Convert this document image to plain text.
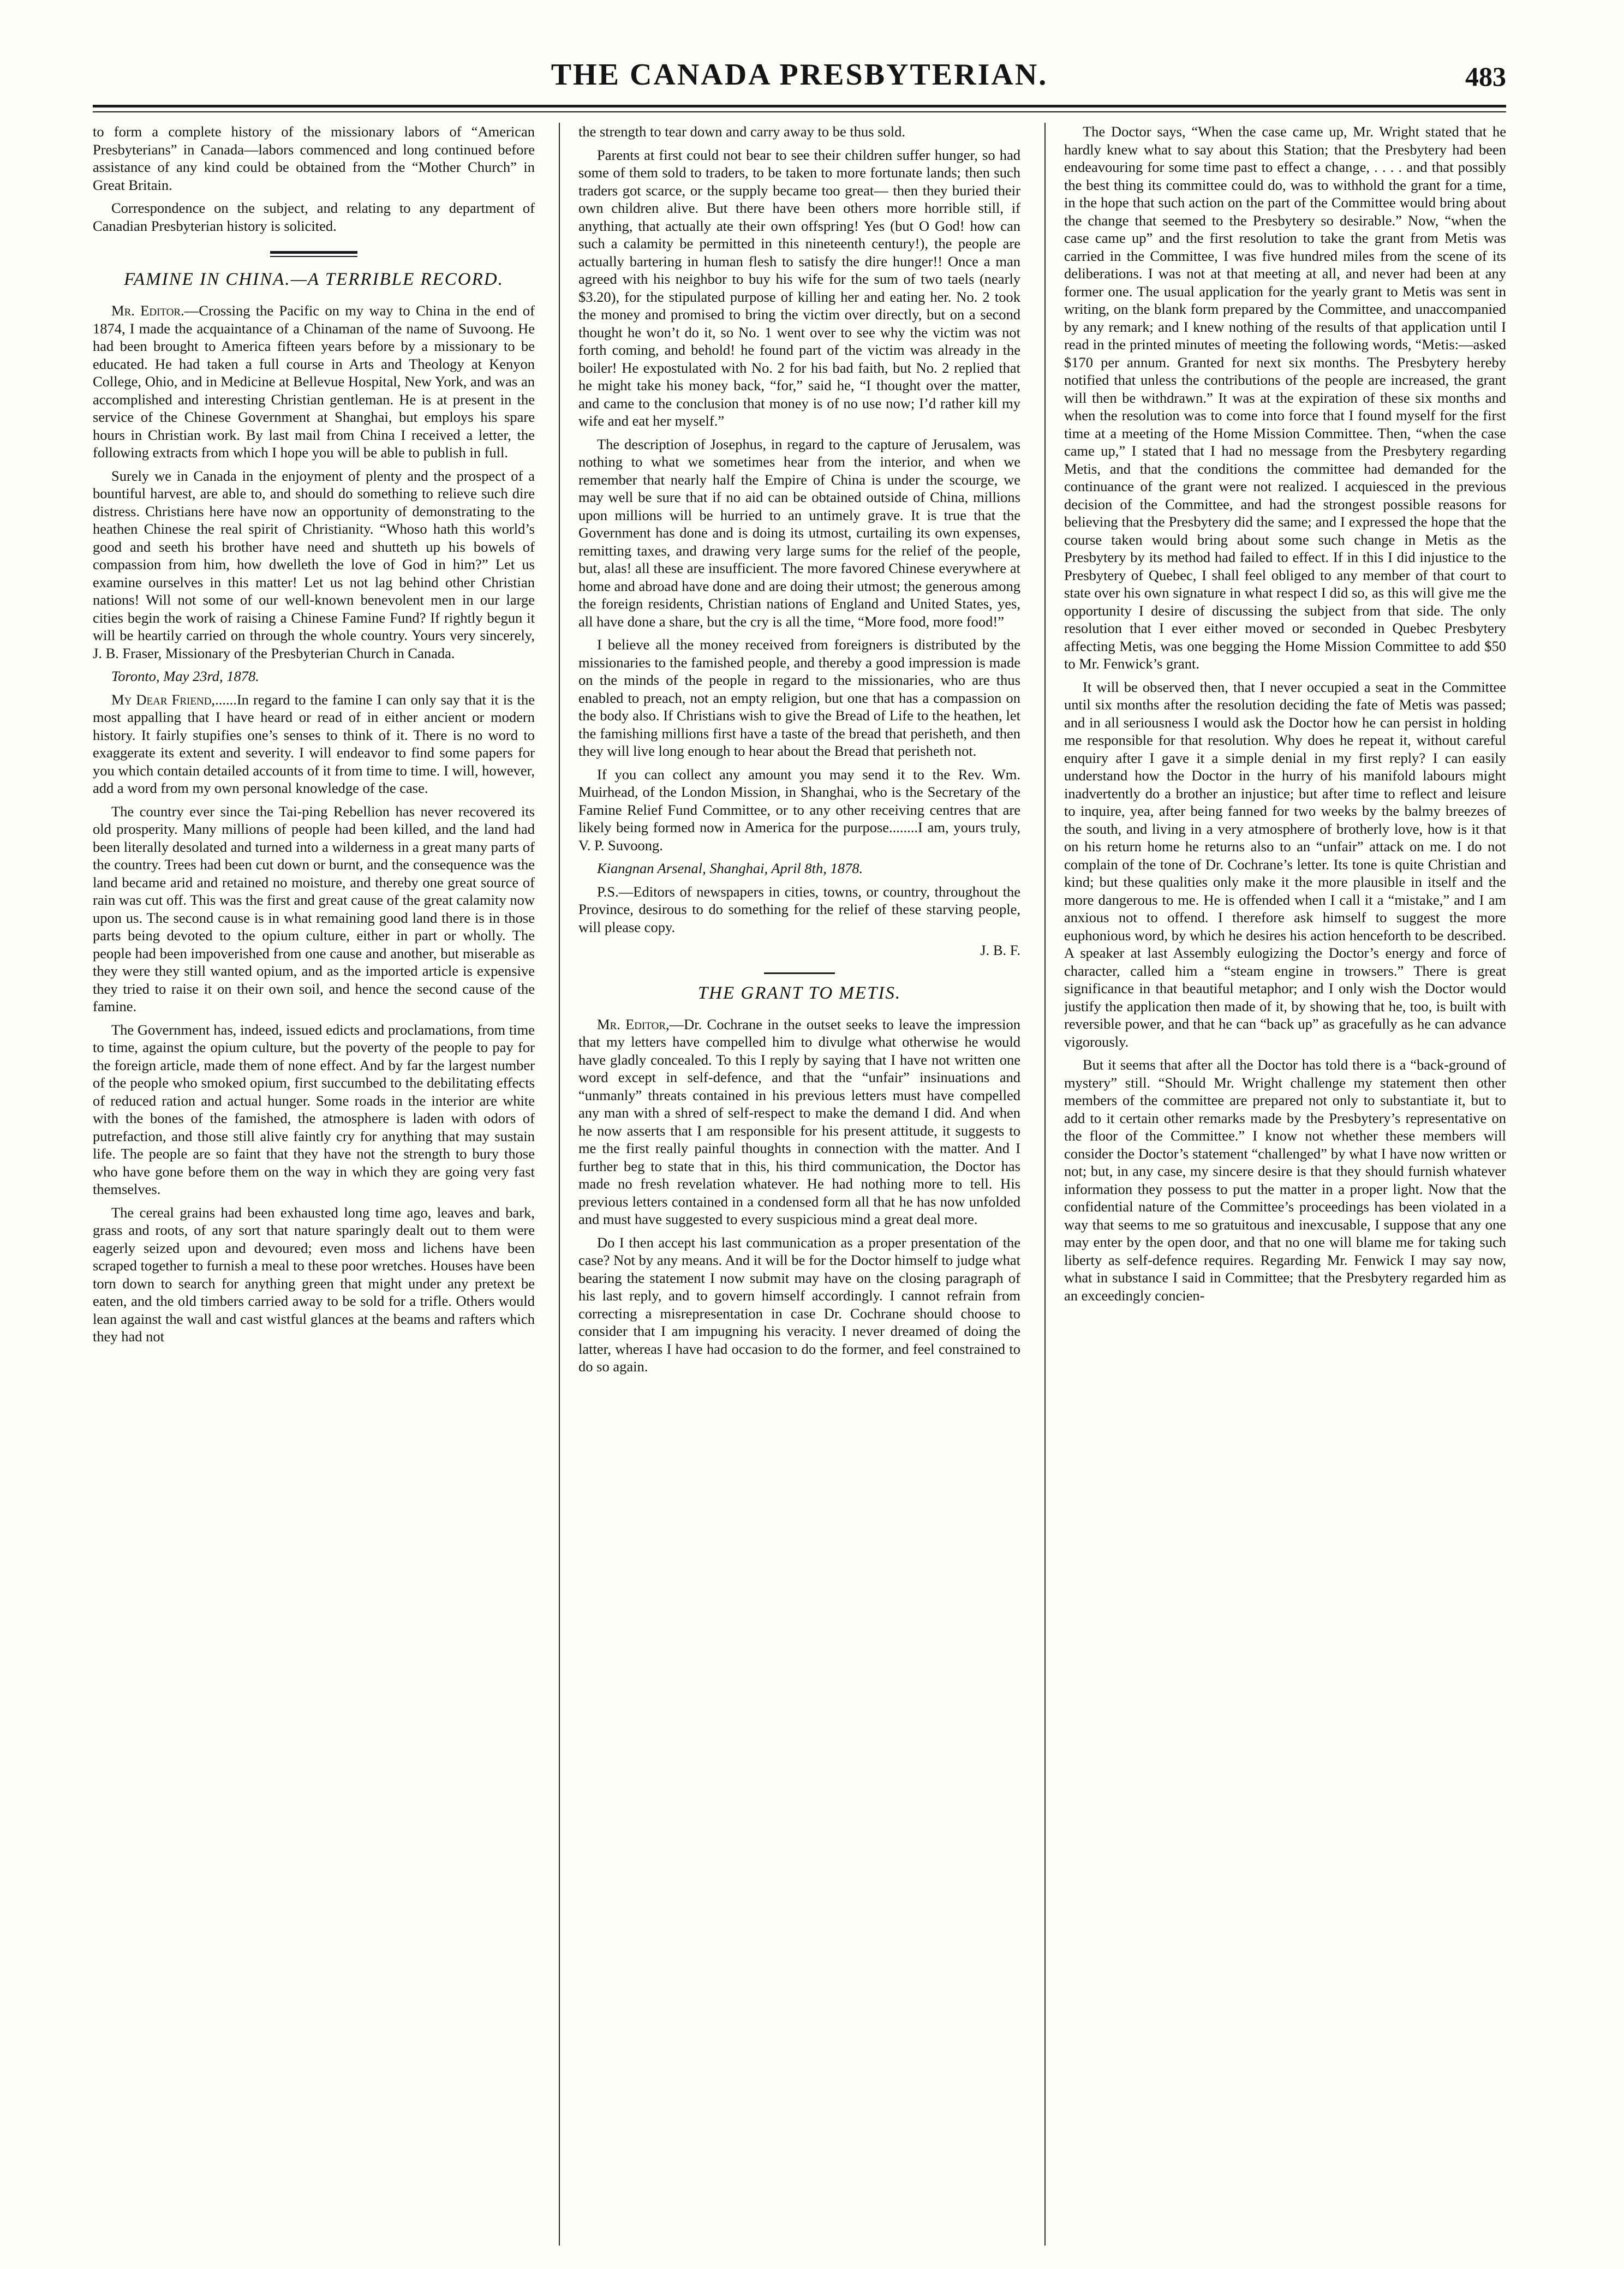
THE CANADA PRESBYTERIAN.	483

to form a complete history of the missionary labors of “American Presbyterians” in Canada—labors commenced and long continued before assistance of any kind could be obtained from the “Mother Church” in Great Britain.

Correspondence on the subject, and relating to any department of Canadian Presbyterian history is solicited.

FAMINE IN CHINA.—A TERRIBLE RECORD.

Mr. Editor.—Crossing the Pacific on my way to China in the end of 1874, I made the acquaintance of a Chinaman of the name of Suvoong. He had been brought to America fifteen years before by a missionary to be educated. He had taken a full course in Arts and Theology at Kenyon College, Ohio, and in Medicine at Bellevue Hospital, New York, and was an accomplished and interesting Christian gentleman. He is at present in the service of the Chinese Government at Shanghai, but employs his spare hours in Christian work. By last mail from China I received a letter, the following extracts from which I hope you will be able to publish in full.

Surely we in Canada in the enjoyment of plenty and the prospect of a bountiful harvest, are able to, and should do something to relieve such dire distress. Christians here have now an opportunity of demonstrating to the heathen Chinese the real spirit of Christianity. “Whoso hath this world’s good and seeth his brother have need and shutteth up his bowels of compassion from him, how dwelleth the love of God in him?” Let us examine ourselves in this matter! Let us not lag behind other Christian nations! Will not some of our well-known benevolent men in our large cities begin the work of raising a Chinese Famine Fund? If rightly begun it will be heartily carried on through the whole country. Yours very sincerely, J. B. Fraser, Missionary of the Presbyterian Church in Canada.

Toronto, May 23rd, 1878.

My Dear Friend,......In regard to the famine I can only say that it is the most appalling that I have heard or read of in either ancient or modern history. It fairly stupifies one’s senses to think of it. There is no word to exaggerate its extent and severity. I will endeavor to find some papers for you which contain detailed accounts of it from time to time. I will, however, add a word from my own personal knowledge of the case.

The country ever since the Tai-ping Rebellion has never recovered its old prosperity. Many millions of people had been killed, and the land had been literally desolated and turned into a wilderness in a great many parts of the country. Trees had been cut down or burnt, and the consequence was the land became arid and retained no moisture, and thereby one great source of rain was cut off. This was the first and great cause of the great calamity now upon us. The second cause is in what remaining good land there is in those parts being devoted to the opium culture, either in part or wholly. The people had been impoverished from one cause and another, but miserable as they were they still wanted opium, and as the imported article is expensive they tried to raise it on their own soil, and hence the second cause of the famine.

The Government has, indeed, issued edicts and proclamations, from time to time, against the opium culture, but the poverty of the people to pay for the foreign article, made them of none effect. And by far the largest number of the people who smoked opium, first succumbed to the debilitating effects of reduced ration and actual hunger. Some roads in the interior are white with the bones of the famished, the atmosphere is laden with odors of putrefaction, and those still alive faintly cry for anything that may sustain life. The people are so faint that they have not the strength to bury those who have gone before them on the way in which they are going very fast themselves.

The cereal grains had been exhausted long time ago, leaves and bark, grass and roots, of any sort that nature sparingly dealt out to them were eagerly seized upon and devoured; even moss and lichens have been scraped together to furnish a meal to these poor wretches. Houses have been torn down to search for anything green that might under any pretext be eaten, and the old timbers carried away to be sold for a trifle. Others would lean against the wall and cast wistful glances at the beams and rafters which they had not

the strength to tear down and carry away to be thus sold.

Parents at first could not bear to see their children suffer hunger, so had some of them sold to traders, to be taken to more fortunate lands; then such traders got scarce, or the supply became too great— then they buried their own children alive. But there have been others more horrible still, if anything, that actually ate their own offspring! Yes (but O God! how can such a calamity be permitted in this nineteenth century!), the people are actually bartering in human flesh to satisfy the dire hunger!! Once a man agreed with his neighbor to buy his wife for the sum of two taels (nearly $3.20), for the stipulated purpose of killing her and eating her. No. 2 took the money and promised to bring the victim over directly, but on a second thought he won’t do it, so No. 1 went over to see why the victim was not forth coming, and behold! he found part of the victim was already in the boiler! He expostulated with No. 2 for his bad faith, but No. 2 replied that he might take his money back, “for,” said he, “I thought over the matter, and came to the conclusion that money is of no use now; I’d rather kill my wife and eat her myself.”

The description of Josephus, in regard to the capture of Jerusalem, was nothing to what we sometimes hear from the interior, and when we remember that nearly half the Empire of China is under the scourge, we may well be sure that if no aid can be obtained outside of China, millions upon millions will be hurried to an untimely grave. It is true that the Government has done and is doing its utmost, curtailing its own expenses, remitting taxes, and drawing very large sums for the relief of the people, but, alas! all these are insufficient. The more favored Chinese everywhere at home and abroad have done and are doing their utmost; the generous among the foreign residents, Christian nations of England and United States, yes, all have done a share, but the cry is all the time, “More food, more food!”

I believe all the money received from foreigners is distributed by the missionaries to the famished people, and thereby a good impression is made on the minds of the people in regard to the missionaries, who are thus enabled to preach, not an empty religion, but one that has a compassion on the body also. If Christians wish to give the Bread of Life to the heathen, let the famishing millions first have a taste of the bread that perisheth, and then they will live long enough to hear about the Bread that perisheth not.

If you can collect any amount you may send it to the Rev. Wm. Muirhead, of the London Mission, in Shanghai, who is the Secretary of the Famine Relief Fund Committee, or to any other receiving centres that are likely being formed now in America for the purpose........I am, yours truly, V. P. Suvoong.

Kiangnan Arsenal, Shanghai, April 8th, 1878.

P.S.—Editors of newspapers in cities, towns, or country, throughout the Province, desirous to do something for the relief of these starving people, will please copy.

J. B. F.
THE GRANT TO METIS.

Mr. Editor,—Dr. Cochrane in the outset seeks to leave the impression that my letters have compelled him to divulge what otherwise he would have gladly concealed. To this I reply by saying that I have not written one word except in self-defence, and that the “unfair” insinuations and “unmanly” threats contained in his previous letters must have compelled any man with a shred of self-respect to make the demand I did. And when he now asserts that I am responsible for his present attitude, it suggests to me the first really painful thoughts in connection with the matter. And I further beg to state that in this, his third communication, the Doctor has made no fresh revelation whatever. He had nothing more to tell. His previous letters contained in a condensed form all that he has now unfolded and must have suggested to every suspicious mind a great deal more.

Do I then accept his last communication as a proper presentation of the case? Not by any means. And it will be for the Doctor himself to judge what bearing the statement I now submit may have on the closing paragraph of his last reply, and to govern himself accordingly. I cannot refrain from correcting a misrepresentation in case Dr. Cochrane should choose to consider that I am impugning his veracity. I never dreamed of doing the latter, whereas I have had occasion to do the former, and feel constrained to do so again.

The Doctor says, “When the case came up, Mr. Wright stated that he hardly knew what to say about this Station; that the Presbytery had been endeavouring for some time past to effect a change, . . . . and that possibly the best thing its committee could do, was to withhold the grant for a time, in the hope that such action on the part of the Committee would bring about the change that seemed to the Presbytery so desirable.” Now, “when the case came up” and the first resolution to take the grant from Metis was carried in the Committee, I was five hundred miles from the scene of its deliberations. I was not at that meeting at all, and never had been at any former one. The usual application for the yearly grant to Metis was sent in writing, on the blank form prepared by the Committee, and unaccompanied by any remark; and I knew nothing of the results of that application until I read in the printed minutes of meeting the following words, “Metis:—asked $170 per annum. Granted for next six months. The Presbytery hereby notified that unless the contributions of the people are increased, the grant will then be withdrawn.” It was at the expiration of these six months and when the resolution was to come into force that I found myself for the first time at a meeting of the Home Mission Committee. Then, “when the case came up,” I stated that I had no message from the Presbytery regarding Metis, and that the conditions the committee had demanded for the continuance of the grant were not realized. I acquiesced in the previous decision of the Committee, and had the strongest possible reasons for believing that the Presbytery did the same; and I expressed the hope that the course taken would bring about some such change in Metis as the Presbytery by its method had failed to effect. If in this I did injustice to the Presbytery of Quebec, I shall feel obliged to any member of that court to state over his own signature in what respect I did so, as this will give me the opportunity I desire of discussing the subject from that side. The only resolution that I ever either moved or seconded in Quebec Presbytery affecting Metis, was one begging the Home Mission Committee to add $50 to Mr. Fenwick’s grant.

It will be observed then, that I never occupied a seat in the Committee until six months after the resolution deciding the fate of Metis was passed; and in all seriousness I would ask the Doctor how he can persist in holding me responsible for that resolution. Why does he repeat it, without careful enquiry after I gave it a simple denial in my first reply? I can easily understand how the Doctor in the hurry of his manifold labours might inadvertently do a brother an injustice; but after time to reflect and leisure to inquire, yea, after being fanned for two weeks by the balmy breezes of the south, and living in a very atmosphere of brotherly love, how is it that on his return home he returns also to an “unfair” attack on me. I do not complain of the tone of Dr. Cochrane’s letter. Its tone is quite Christian and kind; but these qualities only make it the more plausible in itself and the more dangerous to me. He is offended when I call it a “mistake,” and I am anxious not to offend. I therefore ask himself to suggest the more euphonious word, by which he desires his action henceforth to be described. A speaker at last Assembly eulogizing the Doctor’s energy and force of character, called him a “steam engine in trowsers.” There is great significance in that beautiful metaphor; and I only wish the Doctor would justify the application then made of it, by showing that he, too, is built with reversible power, and that he can “back up” as gracefully as he can advance vigorously.

But it seems that after all the Doctor has told there is a “back-ground of mystery” still. “Should Mr. Wright challenge my statement then other members of the committee are prepared not only to substantiate it, but to add to it certain other remarks made by the Presbytery’s representative on the floor of the Committee.” I know not whether these members will consider the Doctor’s statement “challenged” by what I have now written or not; but, in any case, my sincere desire is that they should furnish whatever information they possess to put the matter in a proper light. Now that the confidential nature of the Committee’s proceedings has been violated in a way that seems to me so gratuitous and inexcusable, I suppose that any one may enter by the open door, and that no one will blame me for taking such liberty as self-defence requires. Regarding Mr. Fenwick I may say now, what in substance I said in Committee; that the Presbytery regarded him as an exceedingly concien-
